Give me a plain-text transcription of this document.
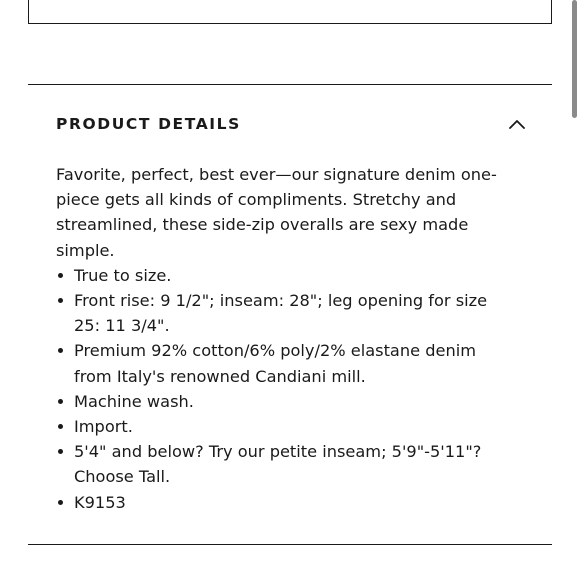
PRODUCT DETAILS

Favorite, perfect, best ever—our signature denim one-piece gets all kinds of compliments. Stretchy and streamlined, these side-zip overalls are sexy made simple.

True to size.
Front rise: 9 1/2"; inseam: 28"; leg opening for size 25: 11 3/4".
Premium 92% cotton/6% poly/2% elastane denim from Italy's renowned Candiani mill.
Machine wash.
Import.
5'4" and below? Try our petite inseam; 5'9"-5'11"? Choose Tall.
K9153
